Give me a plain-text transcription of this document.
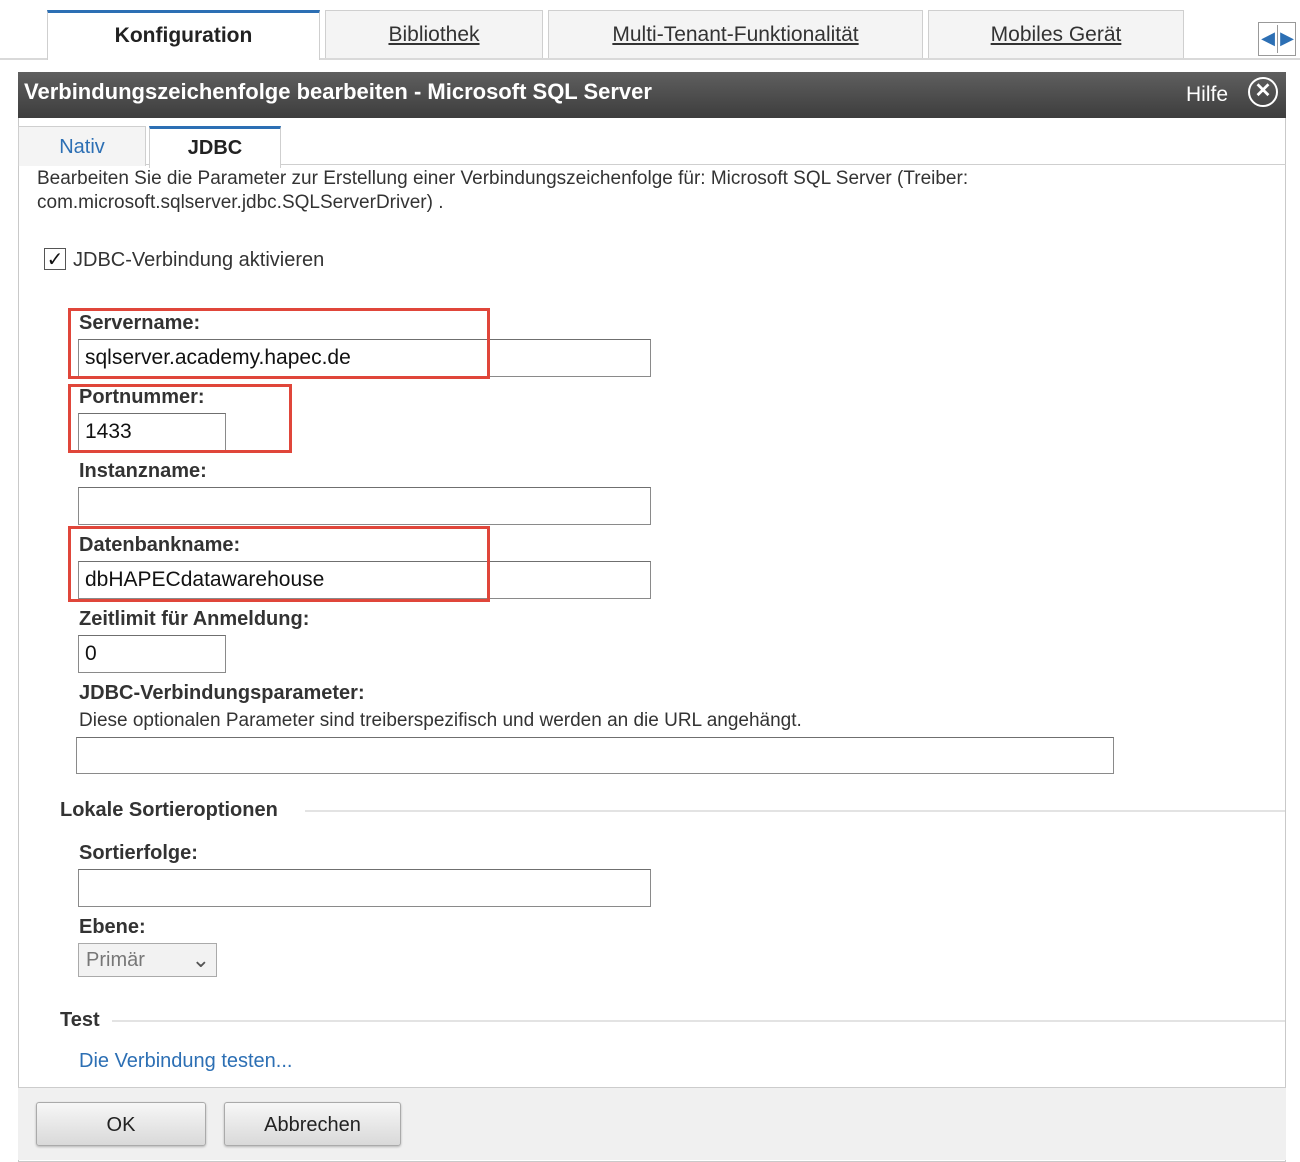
Konfiguration	Bibliothek	Multi-Tenant-Funktionalität	Mobiles Gerät	◀ ▶
Verbindungszeichenfolge bearbeiten - Microsoft SQL Server	Hilfe	✕
Nativ	JDBC
Bearbeiten Sie die Parameter zur Erstellung einer Verbindungszeichenfolge für: Microsoft SQL Server (Treiber:
com.microsoft.sqlserver.jdbc.SQLServerDriver) .
✓ JDBC-Verbindung aktivieren
Servername:
sqlserver.academy.hapec.de
Portnummer:
1433
Instanzname:
Datenbankname:
dbHAPECdatawarehouse
Zeitlimit für Anmeldung:
0
JDBC-Verbindungsparameter:
Diese optionalen Parameter sind treiberspezifisch und werden an die URL angehängt.
Lokale Sortieroptionen
Sortierfolge:
Ebene:
Primär ⌄
Test
Die Verbindung testen...
OK	Abbrechen
